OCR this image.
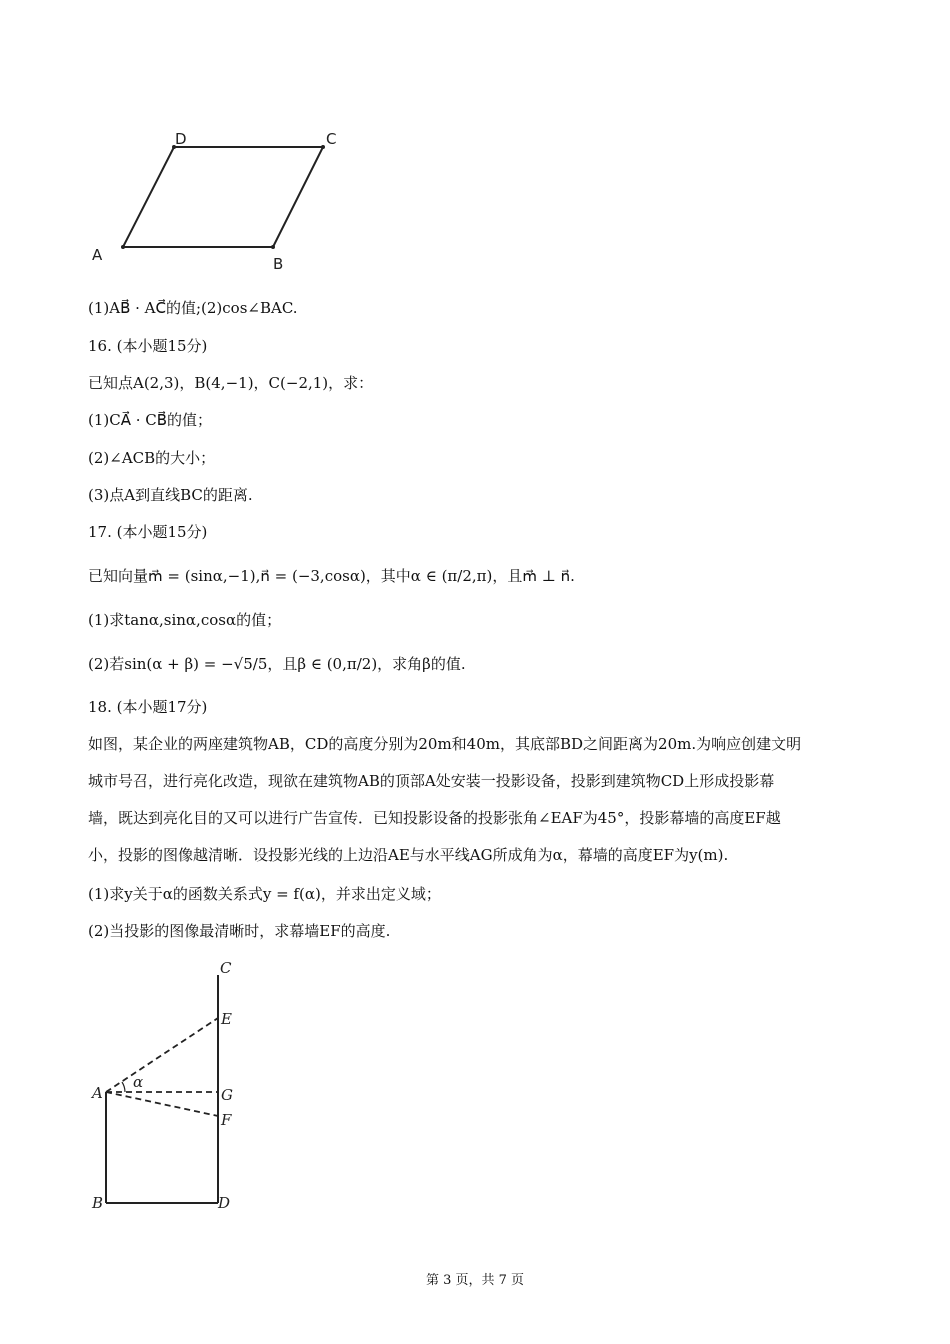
A	B
C
D
(1)AB⃗ · AC⃗的值;(2)cos∠BAC.
16. (本小题15分)
已知点A(2,3)，B(4,−1)，C(−2,1)，求：
(1)CA⃗ · CB⃗的值；
(2)∠ACB的大小；
(3)点A到直线BC的距离.
17. (本小题15分)
已知向量m⃗ = (sinα,−1),n⃗ = (−3,cosα)，其中α ∈ (π/2,π)，且m⃗ ⊥ n⃗.
(1)求tanα,sinα,cosα的值；
(2)若sin(α + β) = −√5/5，且β ∈ (0,π/2)，求角β的值.
18. (本小题17分)
如图，某企业的两座建筑物AB，CD的高度分别为20m和40m，其底部BD之间距离为20m.为响应创建文明
城市号召，进行亮化改造，现欲在建筑物AB的顶部A处安装一投影设备，投影到建筑物CD上形成投影幕
墙，既达到亮化目的又可以进行广告宣传．已知投影设备的投影张角∠EAF为45°，投影幕墙的高度EF越
小，投影的图像越清晰．设投影光线的上边沿AE与水平线AG所成角为α，幕墙的高度EF为y(m).
(1)求y关于α的函数关系式y = f(α)，并求出定义域；
(2)当投影的图像最清晰时，求幕墙EF的高度.
C
E
G
F
A
B	D
α
第 3 页，共 7 页
